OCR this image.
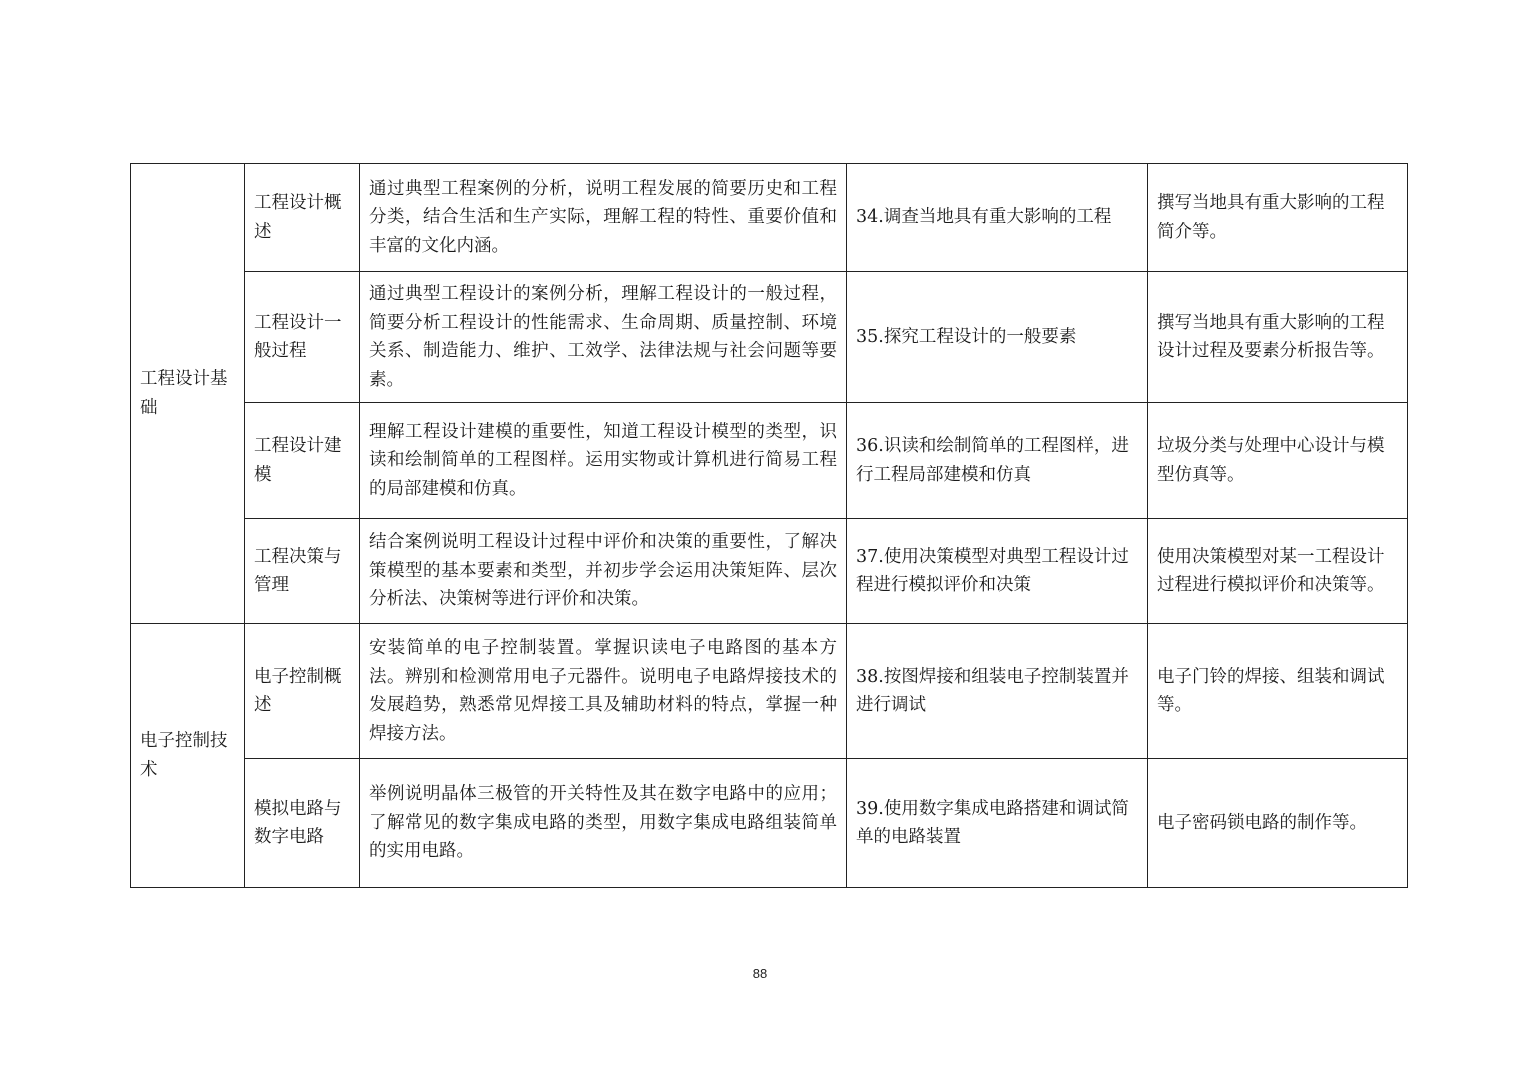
工程设计基础	工程设计概述	通过典型工程案例的分析，说明工程发展的简要历史和工程分类，结合生活和生产实际，理解工程的特性、重要价值和丰富的文化内涵。	34.调查当地具有重大影响的工程	撰写当地具有重大影响的工程简介等。
	工程设计一般过程	通过典型工程设计的案例分析，理解工程设计的一般过程，简要分析工程设计的性能需求、生命周期、质量控制、环境关系、制造能力、维护、工效学、法律法规与社会问题等要素。	35.探究工程设计的一般要素	撰写当地具有重大影响的工程设计过程及要素分析报告等。
	工程设计建模	理解工程设计建模的重要性，知道工程设计模型的类型，识读和绘制简单的工程图样。运用实物或计算机进行简易工程的局部建模和仿真。	36.识读和绘制简单的工程图样，进行工程局部建模和仿真	垃圾分类与处理中心设计与模型仿真等。
	工程决策与管理	结合案例说明工程设计过程中评价和决策的重要性，了解决策模型的基本要素和类型，并初步学会运用决策矩阵、层次分析法、决策树等进行评价和决策。	37.使用决策模型对典型工程设计过程进行模拟评价和决策	使用决策模型对某一工程设计过程进行模拟评价和决策等。
电子控制技术	电子控制概述	安装简单的电子控制装置。掌握识读电子电路图的基本方法。辨别和检测常用电子元器件。说明电子电路焊接技术的发展趋势，熟悉常见焊接工具及辅助材料的特点，掌握一种焊接方法。	38.按图焊接和组装电子控制装置并进行调试	电子门铃的焊接、组装和调试等。
	模拟电路与数字电路	举例说明晶体三极管的开关特性及其在数字电路中的应用；了解常见的数字集成电路的类型，用数字集成电路组装简单的实用电路。	39.使用数字集成电路搭建和调试简单的电路装置	电子密码锁电路的制作等。
88
